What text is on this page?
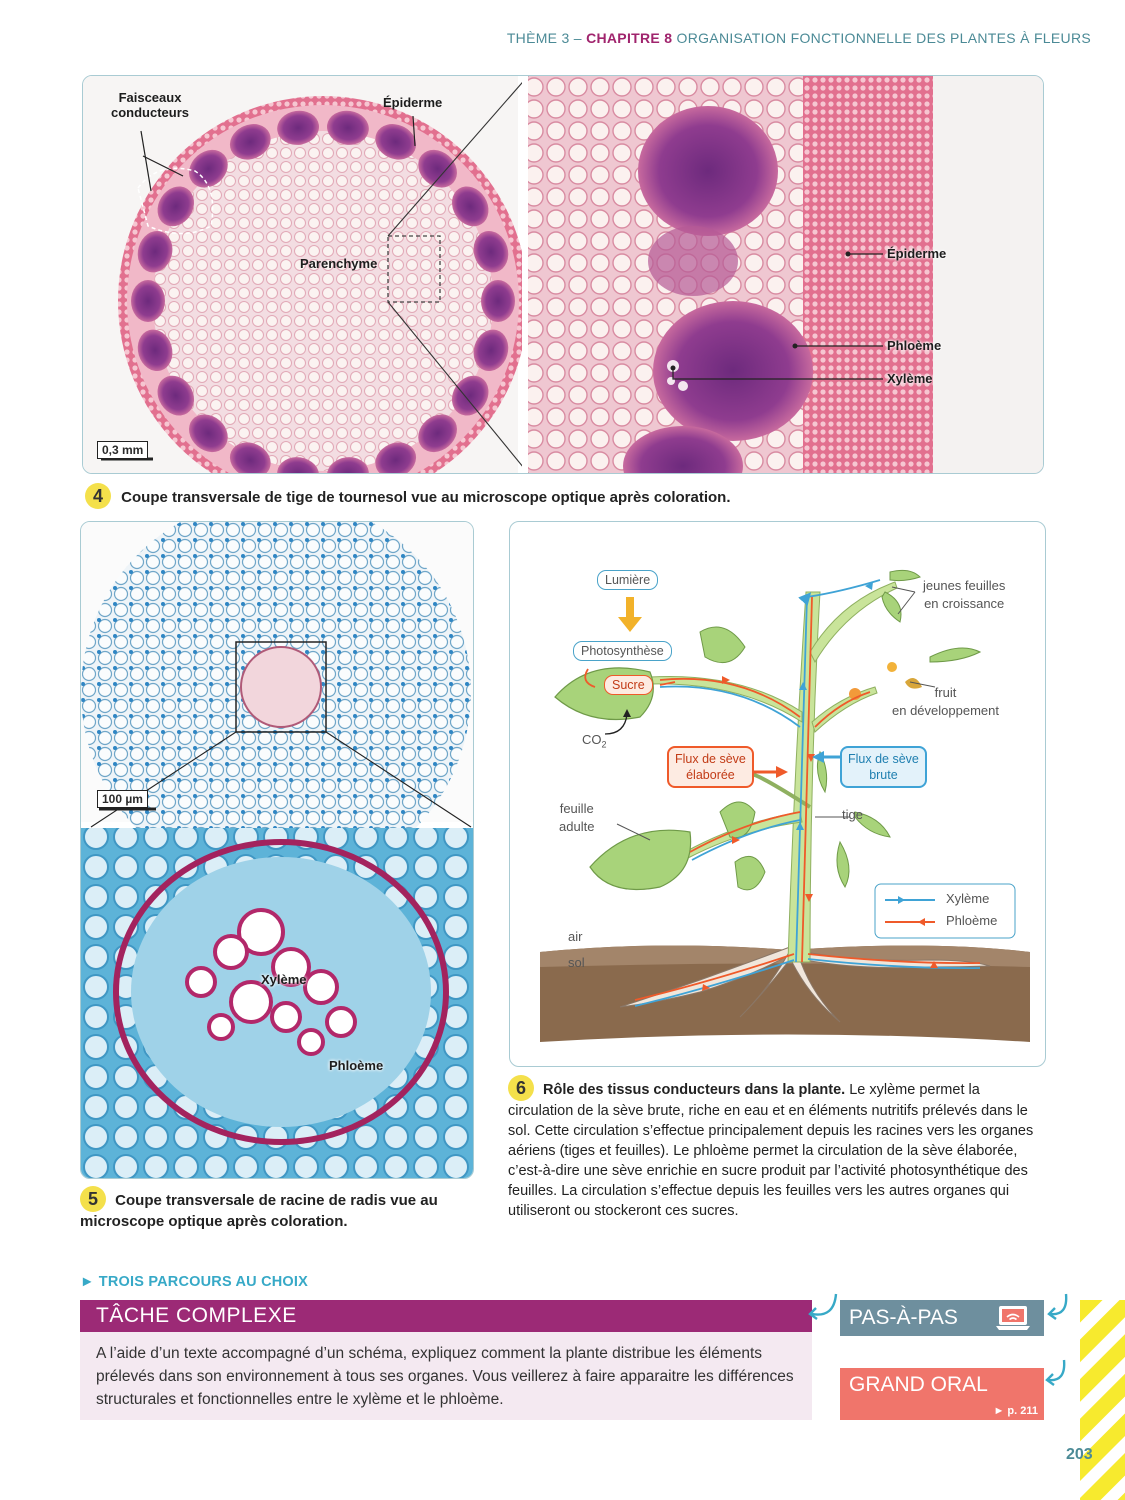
THÈME 3 – CHAPITRE 8 ORGANISATION FONCTIONNELLE DES PLANTES À FLEURS
Faisceaux
conducteurs
Épiderme
Parenchyme
0,3 mm
Épiderme
Phloème
Xylème
4 Coupe transversale de tige de tournesol vue au microscope optique après coloration.
100 µm
Xylème
Phloème
5 Coupe transversale de racine de radis vue au microscope optique après coloration.
Lumière
Photosynthèse
Sucre
$CO_2$
jeunes feuilles
en croissance
fruit
en développement
Flux de sève
élaborée
Flux de sève
brute
feuille
adulte
tige
air
sol
Xylème
Phloème
6 Rôle des tissus conducteurs dans la plante. Le xylème permet la circulation de la sève brute, riche en eau et en éléments nutritifs prélevés dans le sol. Cette circulation s’effectue principalement depuis les racines vers les organes aériens (tiges et feuilles). Le phloème permet la circulation de la sève élaborée, c’est-à-dire une sève enrichie en sucre produit par l’activité photosynthétique des feuilles. La circulation s’effectue depuis les feuilles vers les autres organes qui utiliseront ou stockeront ces sucres.
► TROIS PARCOURS AU CHOIX
TÂCHE COMPLEXE
A l’aide d’un texte accompagné d’un schéma, expliquez comment la plante distribue les éléments prélevés dans son environnement à tous ses organes. Vous veillerez à faire apparaitre les différences structurales et fonctionnelles entre le xylème et le phloème.
PAS-À-PAS
GRAND ORAL
► p. 211
203
